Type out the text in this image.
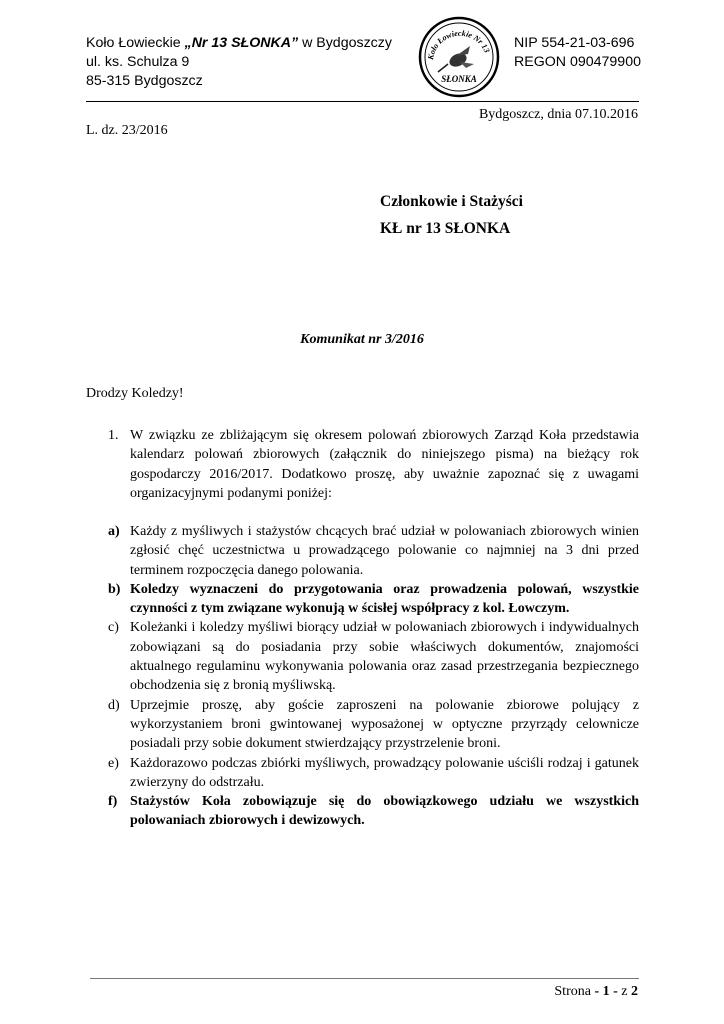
Koło Łowieckie „Nr 13 SŁONKA” w Bydgoszczy
ul. ks. Schulza 9
85-315 Bydgoszcz
Koło Łowieckie Nr 13
SŁONKA
NIP 554-21-03-696
REGON 090479900
Bydgoszcz, dnia 07.10.2016
L. dz. 23/2016
Członkowie i Stażyści
KŁ nr 13 SŁONKA
Komunikat nr 3/2016
Drodzy Koledzy!
1. W związku ze zbliżającym się okresem polowań zbiorowych Zarząd Koła przedstawia kalendarz polowań zbiorowych (załącznik do niniejszego pisma) na bieżący rok gospodarczy 2016/2017. Dodatkowo proszę, aby uważnie zapoznać się z uwagami organizacyjnymi podanymi poniżej:
a) Każdy z myśliwych i stażystów chcących brać udział w polowaniach zbiorowych winien zgłosić chęć uczestnictwa u prowadzącego polowanie co najmniej na 3 dni przed terminem rozpoczęcia danego polowania.
b) Koledzy wyznaczeni do przygotowania oraz prowadzenia polowań, wszystkie czynności z tym związane wykonują w ścisłej współpracy z kol. Łowczym.
c) Koleżanki i koledzy myśliwi biorący udział w polowaniach zbiorowych i indywidualnych zobowiązani są do posiadania przy sobie właściwych dokumentów, znajomości aktualnego regulaminu wykonywania polowania oraz zasad przestrzegania bezpiecznego obchodzenia się z bronią myśliwską.
d) Uprzejmie proszę, aby goście zaproszeni na polowanie zbiorowe polujący z wykorzystaniem broni gwintowanej wyposażonej w optyczne przyrządy celownicze posiadali przy sobie dokument stwierdzający przystrzelenie broni.
e) Każdorazowo podczas zbiórki myśliwych, prowadzący polowanie uściśli rodzaj i gatunek zwierzyny do odstrzału.
f) Stażystów Koła zobowiązuje się do obowiązkowego udziału we wszystkich polowaniach zbiorowych i dewizowych.
Strona - 1 - z 2
